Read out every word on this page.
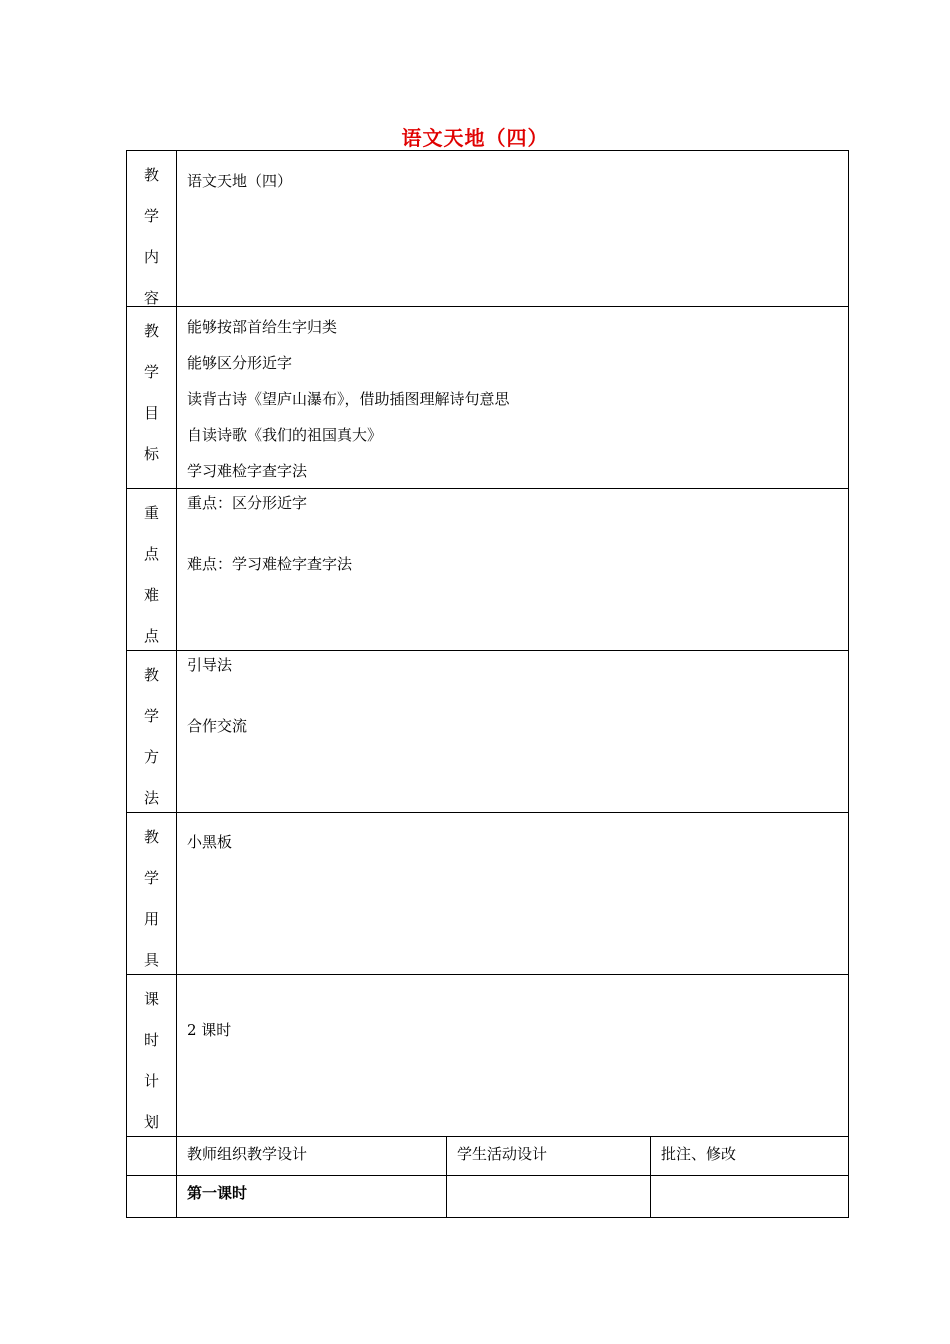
语文天地（四）
教
学
内
容

语文天地（四）

教
学
目
标

能够按部首给生字归类

能够区分形近字

读背古诗《望庐山瀑布》，借助插图理解诗句意思

自读诗歌《我们的祖国真大》

学习难检字查字法

重
点
难
点

重点：区分形近字

难点：学习难检字查字法

教
学
方
法

引导法

合作交流

教
学
用
具

小黑板

课
时
计
划

2 课时

教师组织教学设计	学生活动设计	批注、修改
第一课时
